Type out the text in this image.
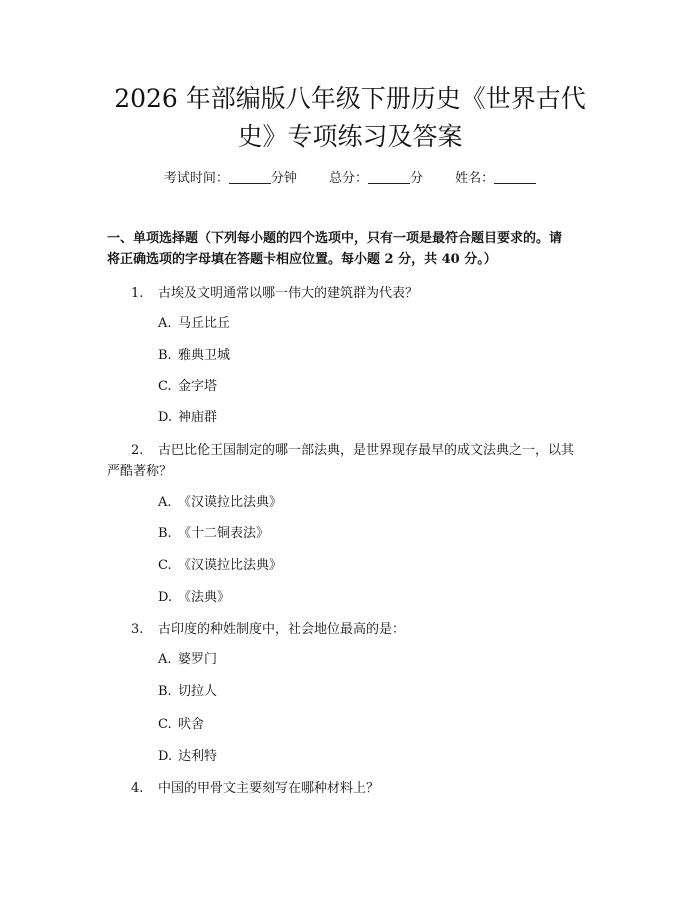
2026 年部编版八年级下册历史《世界古代
史》专项练习及答案
考试时间：	分钟 总分：	分 姓名：

一、单项选择题（下列每小题的四个选项中，只有一项是最符合题目要求的。请
将正确选项的字母填在答题卡相应位置。每小题 2 分，共 40 分。）

1. 古埃及文明通常以哪一伟大的建筑群为代表？

A. 马丘比丘

B. 雅典卫城

C. 金字塔

D. 神庙群

2. 古巴比伦王国制定的哪一部法典，是世界现存最早的成文法典之一，以其
严酷著称？

A. 《汉谟拉比法典》

B. 《十二铜表法》

C. 《汉谟拉比法典》

D. 《法典》

3. 古印度的种姓制度中，社会地位最高的是：

A. 婆罗门

B. 切拉人

C. 吠舍

D. 达利特

4. 中国的甲骨文主要刻写在哪种材料上？
